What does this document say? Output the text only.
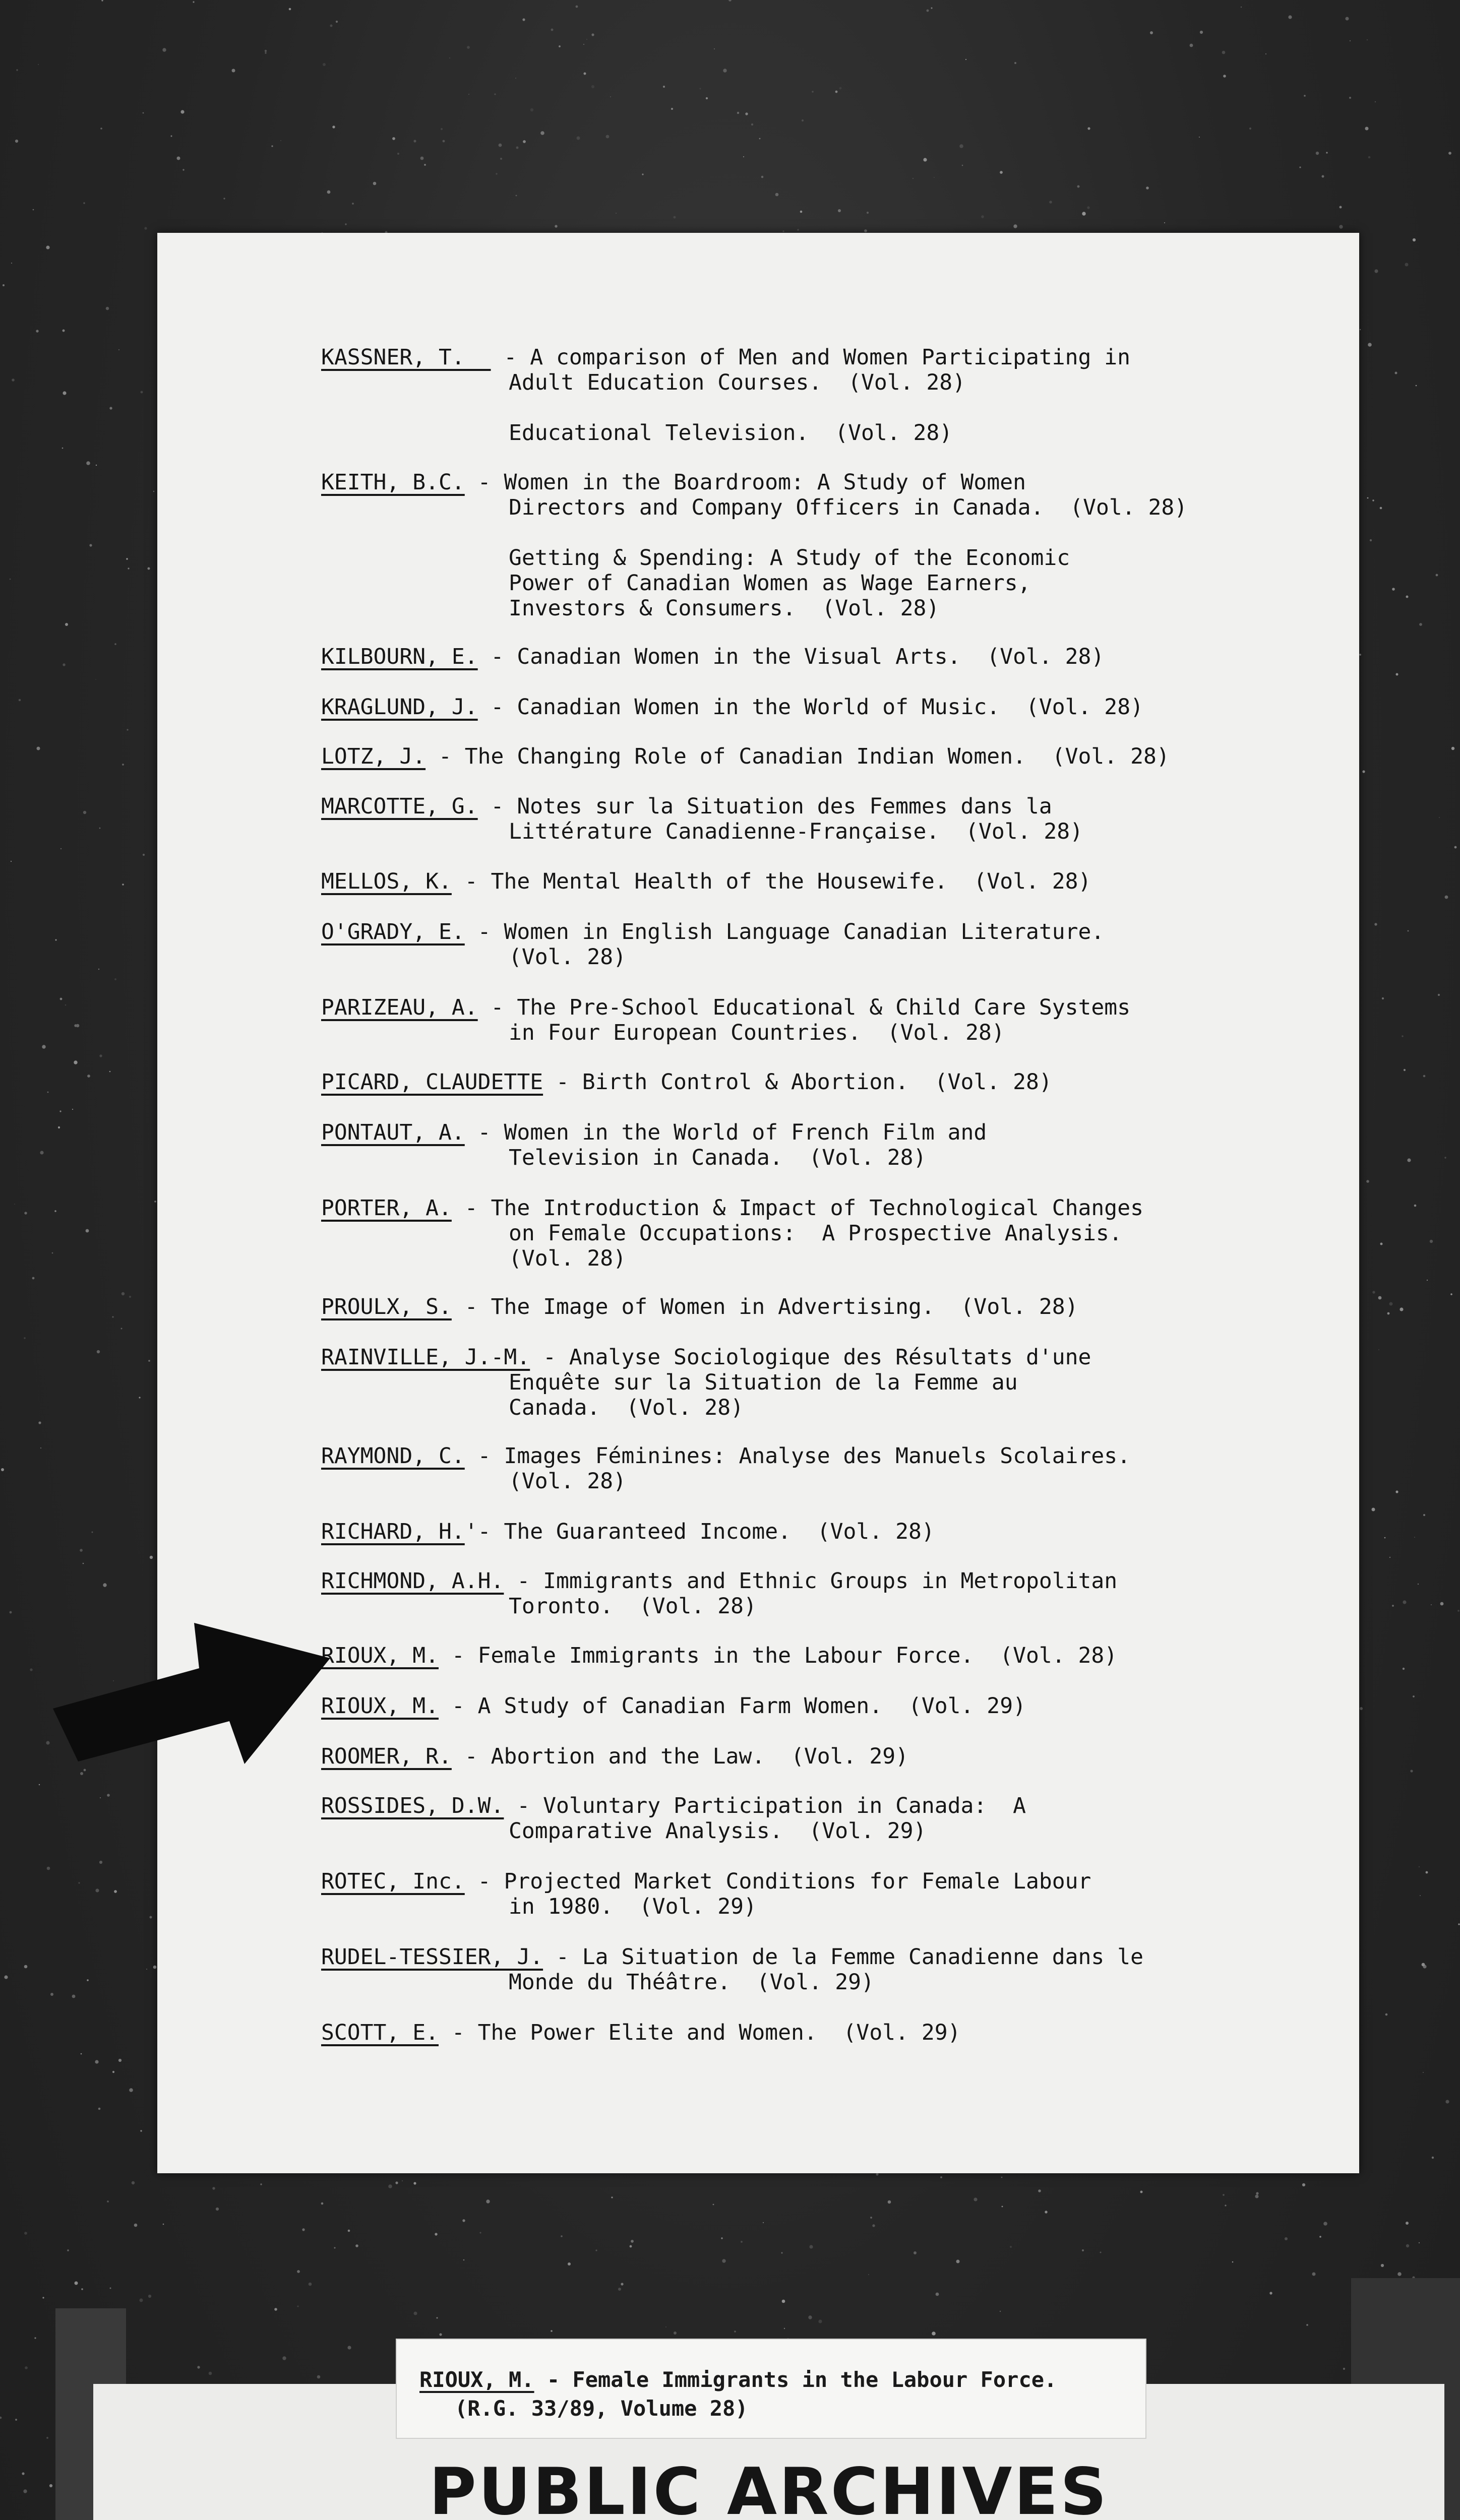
KASSNER, T.   - A comparison of Men and Women Participating in
Adult Education Courses.  (Vol. 28)
Educational Television.  (Vol. 28)
KEITH, B.C. - Women in the Boardroom: A Study of Women
Directors and Company Officers in Canada.  (Vol. 28)
Getting & Spending: A Study of the Economic
Power of Canadian Women as Wage Earners,
Investors & Consumers.  (Vol. 28)
KILBOURN, E. - Canadian Women in the Visual Arts.  (Vol. 28)
KRAGLUND, J. - Canadian Women in the World of Music.  (Vol. 28)
LOTZ, J. - The Changing Role of Canadian Indian Women.  (Vol. 28)
MARCOTTE, G. - Notes sur la Situation des Femmes dans la
Littérature Canadienne-Française.  (Vol. 28)
MELLOS, K. - The Mental Health of the Housewife.  (Vol. 28)
O'GRADY, E. - Women in English Language Canadian Literature.
(Vol. 28)
PARIZEAU, A. - The Pre-School Educational & Child Care Systems
in Four European Countries.  (Vol. 28)
PICARD, CLAUDETTE - Birth Control & Abortion.  (Vol. 28)
PONTAUT, A. - Women in the World of French Film and
Television in Canada.  (Vol. 28)
PORTER, A. - The Introduction & Impact of Technological Changes
on Female Occupations:  A Prospective Analysis.
(Vol. 28)
PROULX, S. - The Image of Women in Advertising.  (Vol. 28)
RAINVILLE, J.-M. - Analyse Sociologique des Résultats d'une
Enquête sur la Situation de la Femme au
Canada.  (Vol. 28)
RAYMOND, C. - Images Féminines: Analyse des Manuels Scolaires.
(Vol. 28)
RICHARD, H.'- The Guaranteed Income.  (Vol. 28)
RICHMOND, A.H. - Immigrants and Ethnic Groups in Metropolitan
Toronto.  (Vol. 28)
RIOUX, M. - Female Immigrants in the Labour Force.  (Vol. 28)
RIOUX, M. - A Study of Canadian Farm Women.  (Vol. 29)
ROOMER, R. - Abortion and the Law.  (Vol. 29)
ROSSIDES, D.W. - Voluntary Participation in Canada:  A
Comparative Analysis.  (Vol. 29)
ROTEC, Inc. - Projected Market Conditions for Female Labour
in 1980.  (Vol. 29)
RUDEL-TESSIER, J. - La Situation de la Femme Canadienne dans le
Monde du Théâtre.  (Vol. 29)
SCOTT, E. - The Power Elite and Women.  (Vol. 29)
RIOUX, M. - Female Immigrants in the Labour Force.
(R.G. 33/89, Volume 28)
PUBLIC ARCHIVES
